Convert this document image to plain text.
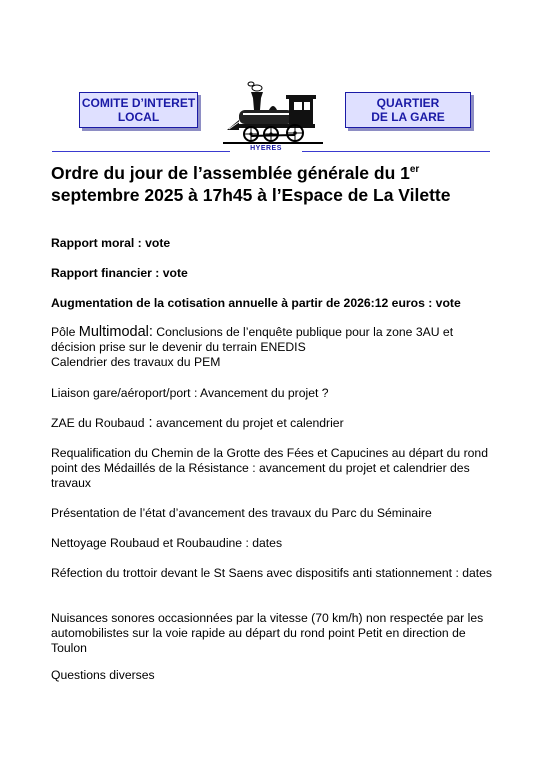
COMITE D’INTERET
LOCAL
QUARTIER
DE LA GARE
HYERES
Ordre du jour de l’assemblée générale du 1er septembre 2025 à 17h45 à l’Espace de La Vilette

Rapport moral : vote

Rapport financier : vote

Augmentation de la cotisation annuelle à partir de 2026:12 euros : vote

Pôle Multimodal: Conclusions de l’enquête publique pour la zone 3AU et décision prise sur le devenir du terrain ENEDIS
Calendrier des travaux du PEM

Liaison gare/aéroport/port : Avancement du projet ?

ZAE du Roubaud : avancement du projet et calendrier

Requalification du Chemin de la Grotte des Fées et Capucines au départ du rond point des Médaillés de la Résistance : avancement du projet et calendrier des travaux

Présentation de l’état d’avancement des travaux du Parc du Séminaire

Nettoyage Roubaud et Roubaudine : dates

Réfection du trottoir devant le St Saens avec dispositifs anti stationnement : dates

Nuisances sonores occasionnées par la vitesse (70 km/h) non respectée par les automobilistes sur la voie rapide au départ du rond point Petit en direction de Toulon

Questions diverses
